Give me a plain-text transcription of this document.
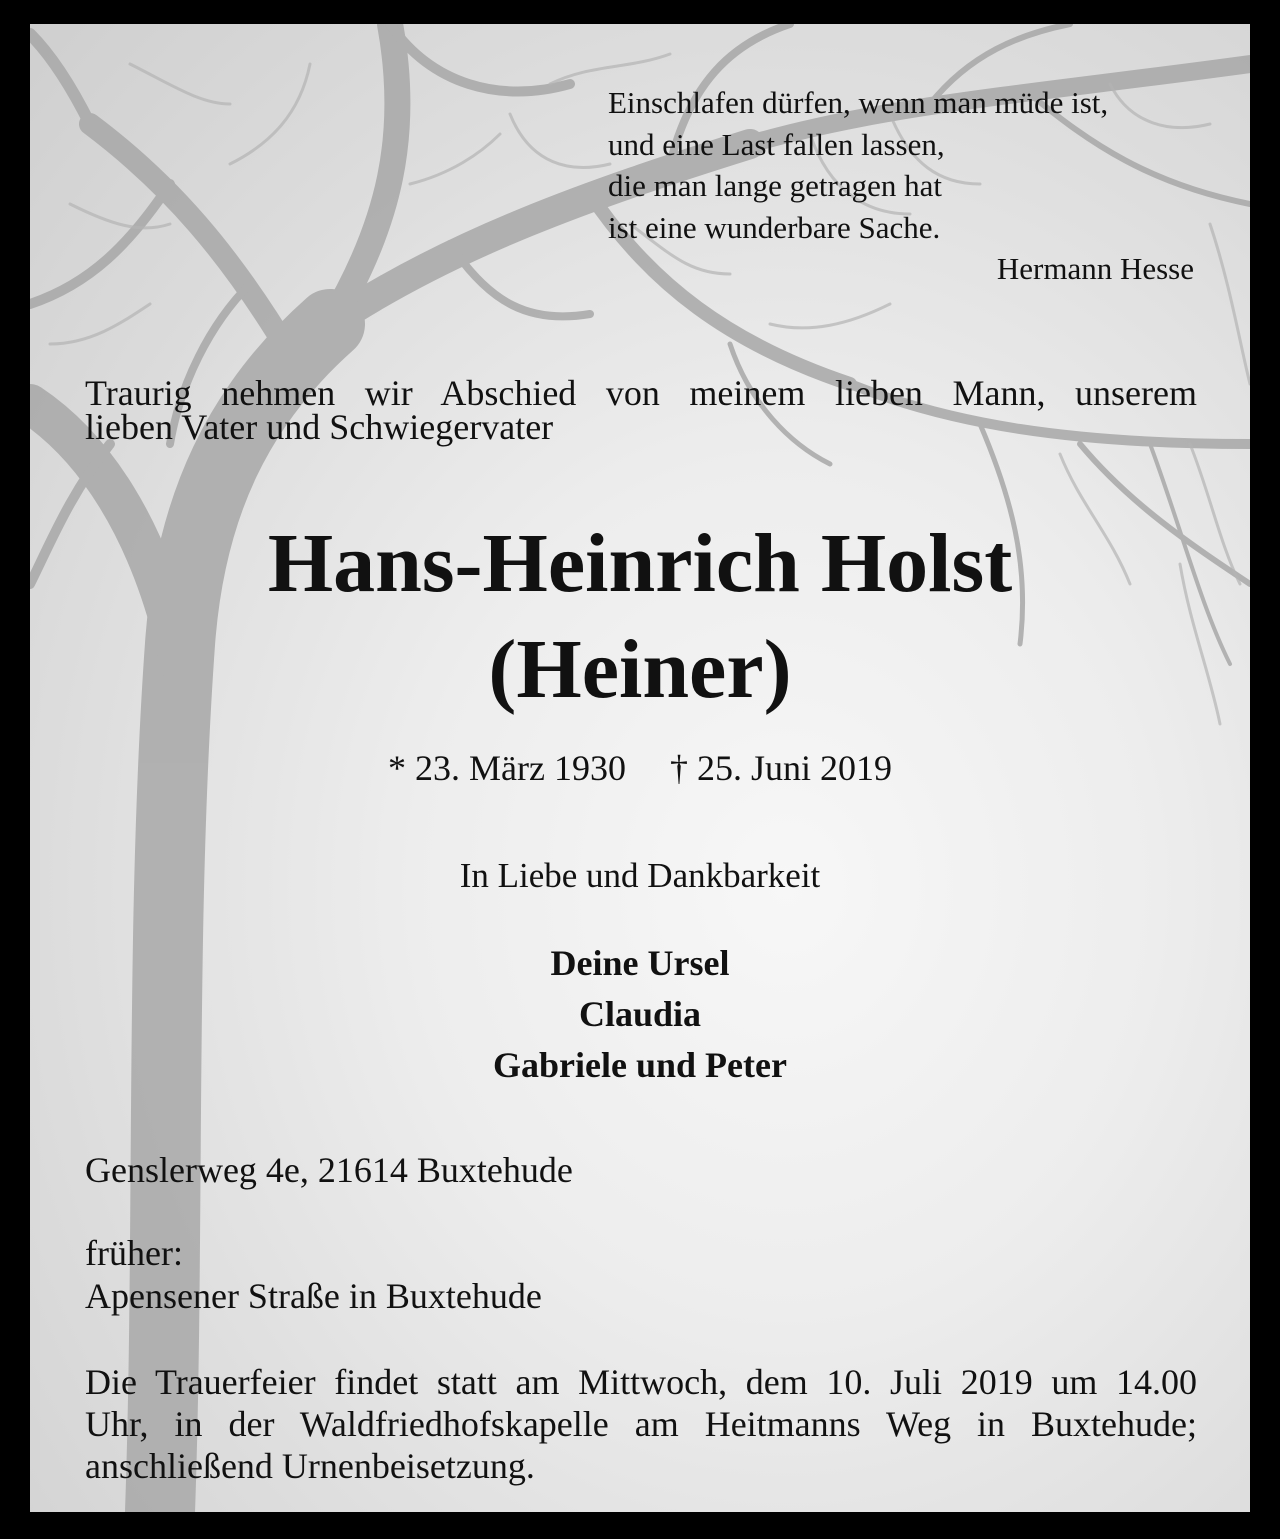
Einschlafen dürfen, wenn man müde ist,
und eine Last fallen lassen,
die man lange getragen hat
ist eine wunderbare Sache.
Hermann Hesse
Traurig nehmen wir Abschied von meinem lieben Mann, unserem
lieben Vater und Schwiegervater
Hans-Heinrich Holst
(Heiner)
* 23. März 1930 † 25. Juni 2019
In Liebe und Dankbarkeit
Deine Ursel
Claudia
Gabriele und Peter
Genslerweg 4e, 21614 Buxtehude
früher:
Apensener Straße in Buxtehude
Die Trauerfeier findet statt am Mittwoch, dem 10. Juli 2019 um 14.00
Uhr, in der Waldfriedhofskapelle am Heitmanns Weg in Buxtehude;
anschließend Urnenbeisetzung.
